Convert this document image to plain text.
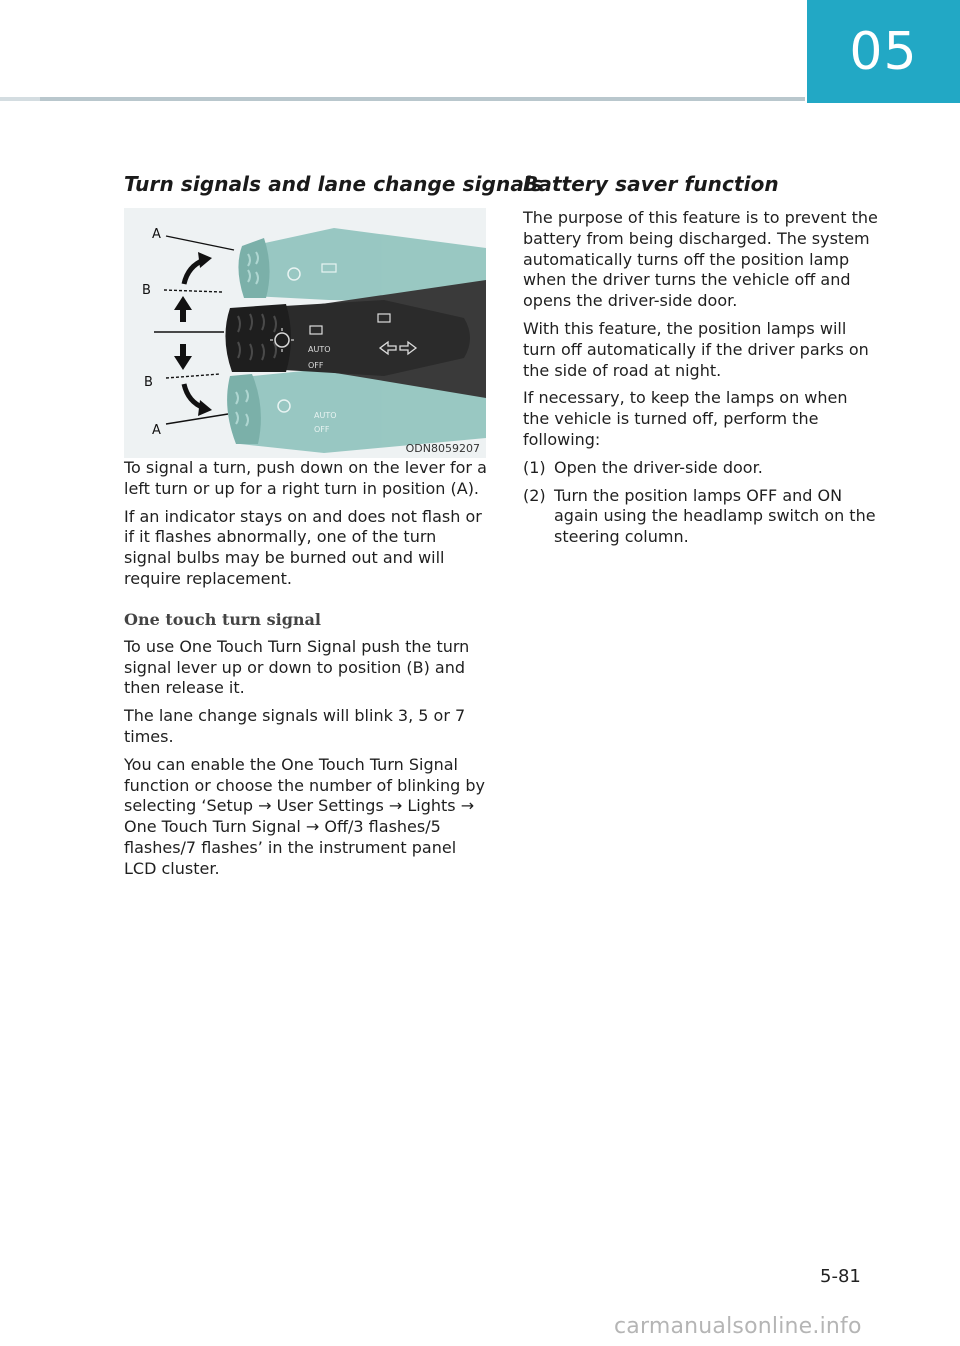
05
Turn signals and lane change signals
AUTO
OFF
AUTO
OFF
A
B
B
A
ODN8059207

To signal a turn, push down on the lever for a left turn or up for a right turn in position (A).

If an indicator stays on and does not flash or if it flashes abnormally, one of the turn signal bulbs may be burned out and will require replacement.

One touch turn signal

To use One Touch Turn Signal push the turn signal lever up or down to position (B) and then release it.

The lane change signals will blink 3, 5 or 7 times.

You can enable the One Touch Turn Signal function or choose the number of blinking by selecting ‘Setup → User Settings → Lights → One Touch Turn Signal → Off/3 flashes/5 flashes/7 flashes’ in the instrument panel LCD cluster.

Battery saver function

The purpose of this feature is to prevent the battery from being discharged. The system automatically turns off the position lamp when the driver turns the vehicle off and opens the driver-side door.

With this feature, the position lamps will turn off automatically if the driver parks on the side of road at night.

If necessary, to keep the lamps on when the vehicle is turned off, perform the following:

(1) Open the driver-side door.
(2) Turn the position lamps OFF and ON again using the headlamp switch on the steering column.
5-81
carmanualsonline.info
